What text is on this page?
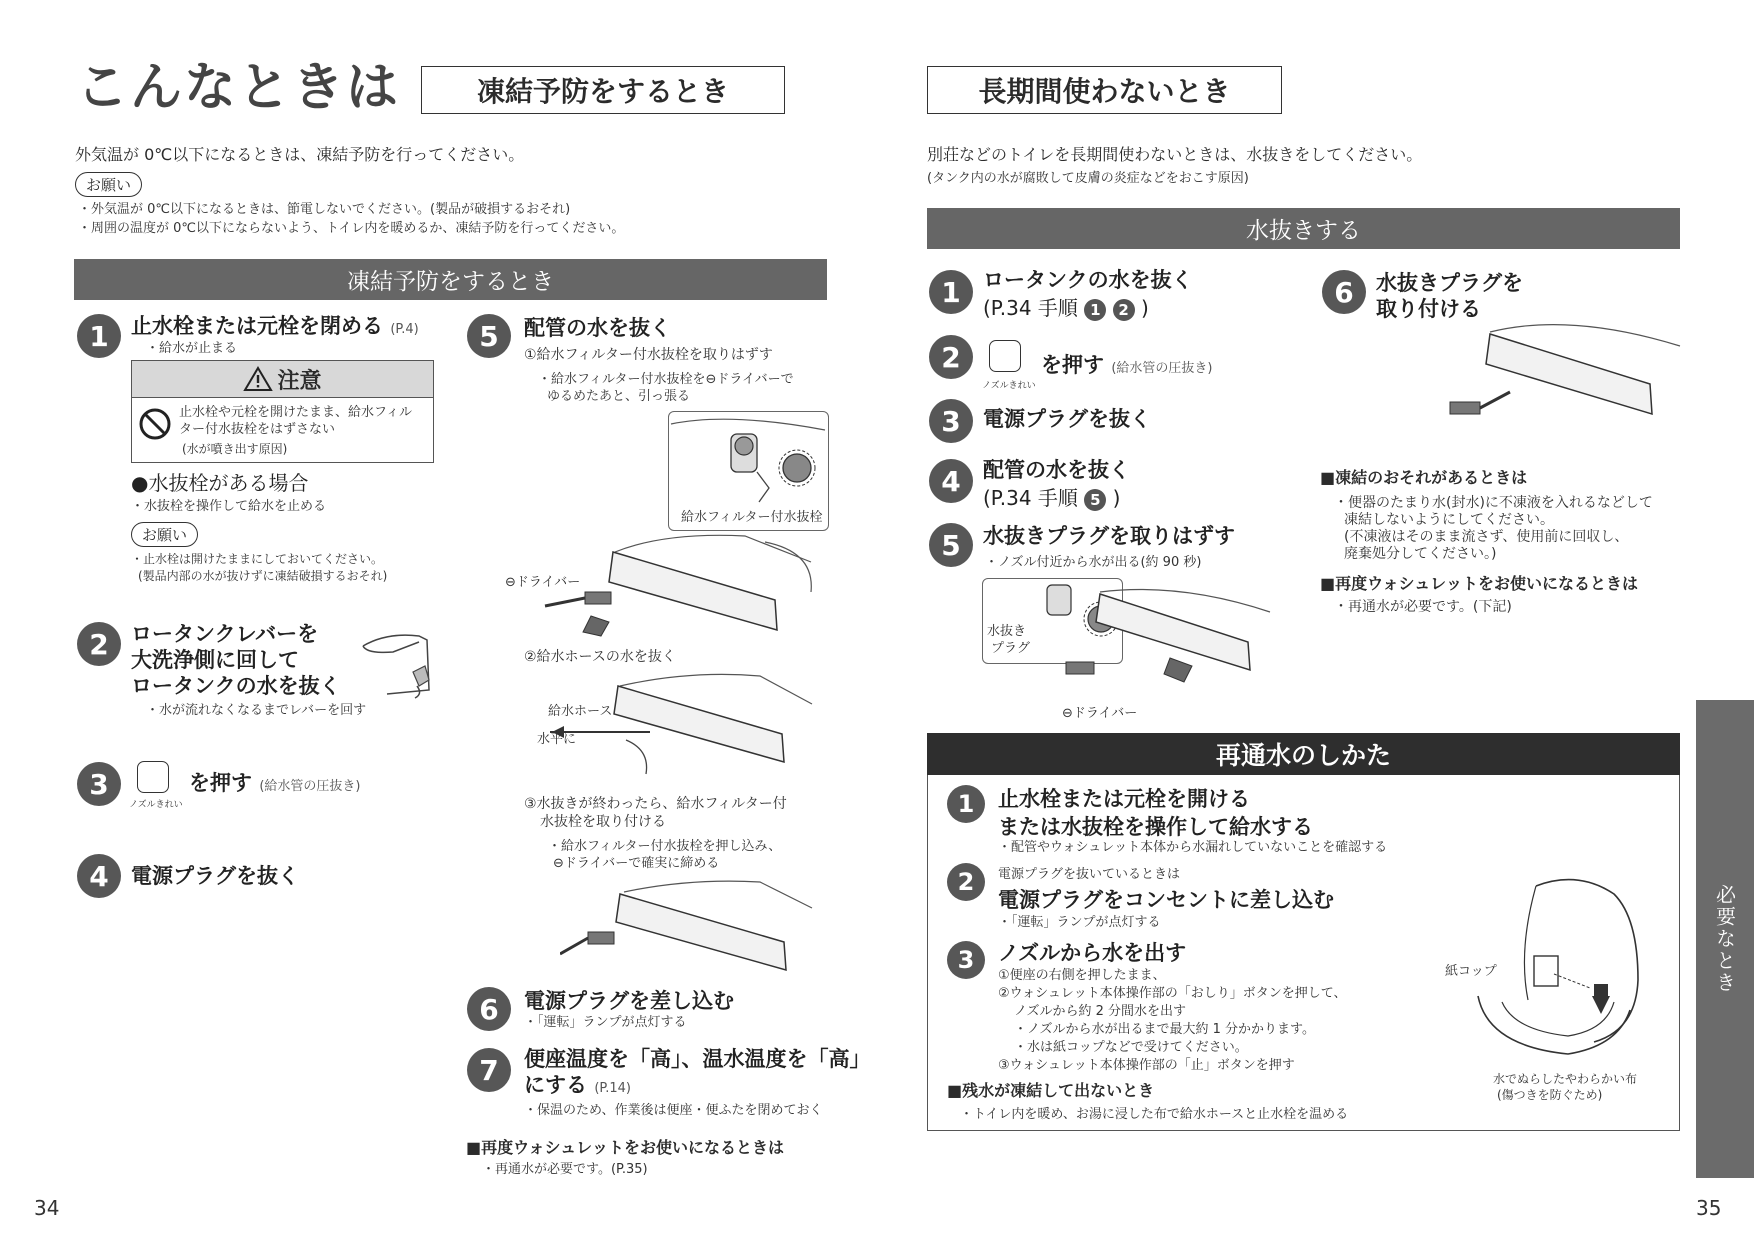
こんなときは	凍結予防をするとき
外気温が 0℃以下になるときは、凍結予防を行ってください。
お願い
・外気温が 0℃以下になるときは、節電しないでください。(製品が破損するおそれ)
・周囲の温度が 0℃以下にならないよう、トイレ内を暖めるか、凍結予防を行ってください。
凍結予防をするとき
1	止水栓または元栓を閉める (P.4)
・給水が止まる
注意
止水栓や元栓を開けたまま、給水フィル
ター付水抜栓をはずさない
(水が噴き出す原因)
●水抜栓がある場合
・水抜栓を操作して給水を止める
お願い
・止水栓は開けたままにしておいてください。
(製品内部の水が抜けずに凍結破損するおそれ)
2	ロータンクレバーを
大洗浄側に回して
ロータンクの水を抜く
・水が流れなくなるまでレバーを回す
3
ノズルきれい
を押す (給水管の圧抜き)
4	電源プラグを抜く
5	配管の水を抜く
①給水フィルター付水抜栓を取りはずす
・給水フィルター付水抜栓を⊖ドライバーで
ゆるめたあと、引っ張る
給水フィルター付水抜栓
⊖ドライバー
②給水ホースの水を抜く
給水ホース
水平に
③水抜きが終わったら、給水フィルター付
水抜栓を取り付ける
・給水フィルター付水抜栓を押し込み、
⊖ドライバーで確実に締める
6	電源プラグを差し込む
・「運転」ランプが点灯する
7	便座温度を「高」、温水温度を「高」
にする (P.14)
・保温のため、作業後は便座・便ふたを閉めておく
■再度ウォシュレットをお使いになるときは
・再通水が必要です。(P.35)
34
長期間使わないとき
別荘などのトイレを長期間使わないときは、水抜きをしてください。
(タンク内の水が腐敗して皮膚の炎症などをおこす原因)
水抜きする
1	ロータンクの水を抜く
(P.34 手順 1 2 )
2
ノズルきれい
を押す (給水管の圧抜き)
3	電源プラグを抜く
4	配管の水を抜く
(P.34 手順 5 )
5	水抜きプラグを取りはずす
・ノズル付近から水が出る(約 90 秒)
水抜き
プラグ
⊖ドライバー
6	水抜きプラグを
取り付ける
■凍結のおそれがあるときは
・便器のたまり水(封水)に不凍液を入れるなどして
凍結しないようにしてください。
(不凍液はそのまま流さず、使用前に回収し、
廃棄処分してください。)
■再度ウォシュレットをお使いになるときは
・再通水が必要です。(下記)
再通水のしかた
1	止水栓または元栓を開ける
または水抜栓を操作して給水する
・配管やウォシュレット本体から水漏れしていないことを確認する
2	電源プラグを抜いているときは
電源プラグをコンセントに差し込む
・「運転」ランプが点灯する
3	ノズルから水を出す
①便座の右側を押したまま、
②ウォシュレット本体操作部の「おしり」ボタンを押して、
ノズルから約 2 分間水を出す
・ノズルから水が出るまで最大約 1 分かかります。
・水は紙コップなどで受けてください。
③ウォシュレット本体操作部の「止」ボタンを押す
■残水が凍結して出ないとき
・トイレ内を暖め、お湯に浸した布で給水ホースと止水栓を温める
紙コップ
水でぬらしたやわらかい布
(傷つきを防ぐため)
必要なとき
35
